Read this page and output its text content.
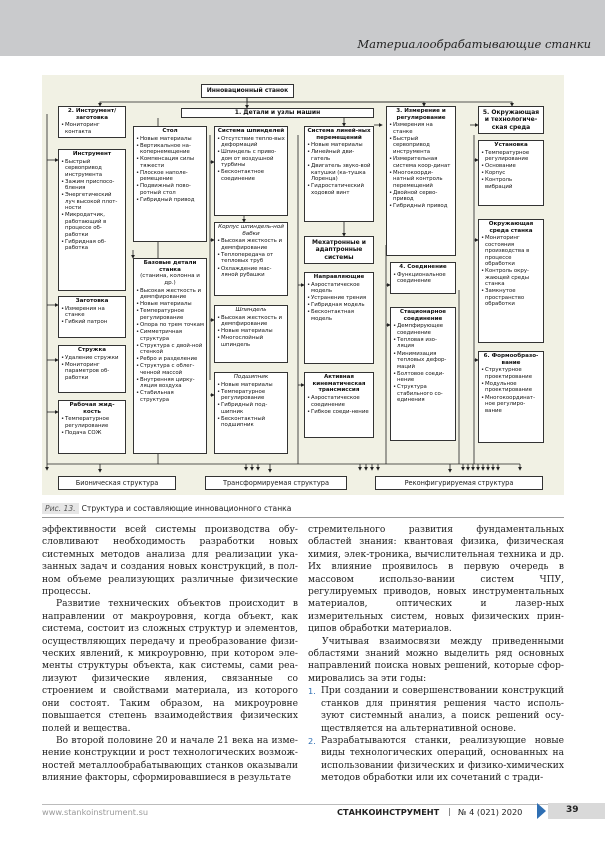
Материалообрабатывающие станки
Инновационный станок
2. Инструмент/ заготовка
• Мониторинг контакта
Инструмент
• Быстрый сервопривод инструмента
• Зажим приспосо-бления
• Энергетический луч высокой плот-ности
• Микродатчик, работающий в процессе об-работки
• Гибридная об-работка
Заготовка
• Измерения на станке
• Гибкий патрон
Стружка
• Удаление стружки
• Мониторинг параметров об-работки
Рабочая жид-кость
• Температурное регулирование
• Подача СОЖ
1. Детали и узлы машин
Стол
• Новые материалы
• Вертикальное на-копернемещение
• Компенсация силы тяжести
• Плоское наполе-ремещение
• Подвижный пово-ротный стол
• Гибридный привод
Базовые детали станка
(станина, колонна и др.)
• Высокая жесткость и демпфирование
• Новые материалы
• Температурное регулирование
• Опора по трем точкам
• Симметричная структура
• Структура с двой-ной стенкой
• Ребро и разделение
• Структура с облег-ченной массой
• Внутренняя цирку-ляция воздуха
• Стабильная структура
Система шпинделей
• Отсутствие тепло-вых деформаций
• Шпиндель с приво-дом от воздушной турбины
• Бесконтактное соединение
Корпус шпиндель-ной бабки
• Высокая жесткость и демпфирование
• Теплопередача от тепловых труб
• Охлаждение мас-ляной рубашки
Шпиндель
• Высокая жесткость и демпфирование
• Новые материалы
• Многослойный шпиндель
Подшипник
• Новые материалы
• Температурное регулирование
• Гибридный под-шипник
• Бесконтактный подшипник
Система линей-ных перемещений
• Новые материалы
• Линейный дви-гатель
• Двигатель звуко-вой катушки (ка-тушка Лоренца)
• Гидростатический ходовой винт
Мехатронные и адаптронные системы
Направляющие
• Аэростатическое модель
• Устранение трения
• Гибридная модель
• Бесконтактная модель
Активная кинематическая трансмиссия
• Аэростатическое соединение
• Гибкое соеди-нение
3. Измерение и регулирование
• Измерения на станке
• Быстрый сервопривод инструмента
• Измерительная система коор-динат
• Многокоорди-натный контроль перемещений
• Двойной серво-привод
• Гибридный привод
4. Соединение
• Функциональное соединение
Стационарное соединение
• Демпфирующее соединение
• Тепловая изо-ляция
• Минимизация тепловых дефор-маций
• Болтовое соеди-нение
• Структура стабильного со-единения
5. Окружающая и технологиче-ская среда
Установка
• Температурное регулирование
• Основание
• Корпус
• Контроль вибраций
Окружающая среда станка
• Мониторинг состояния производства в процессе обработки
• Контроль окру-жающей среды станка
• Замкнутое пространство обработки
6. Формообразо-вание
• Структурное проектирование
• Модульное проектирование
• Многокоординат-ное регулиро-вание
Бионическая структура	Трансформируемая структура	Реконфигурируемая структура
Рис. 13. Структура и составляющие инновационного станка

эффективности всей системы производства обу-словливают необходимость разработки новых системных методов анализа для реализации ука-занных задач и создания новых конструкций, в пол-ном объеме реализующих различные физические процессы.

Развитие технических объектов происходит в направлении от макроуровня, когда объект, как система, состоит из сложных структур и элементов, осуществляющих передачу и преобразование физи-ческих явлений, к микроуровню, при котором эле-менты структуры объекта, как системы, сами реа-лизуют физические явления, связанные со строением и свойствами материала, из которого они состоят. Таким образом, на микроуровне повышается степень взаимодействия физических полей и вещества.

Во второй половине 20 и начале 21 века на изме-нение конструкции и рост технологических возмож-ностей металлообрабатывающих станков оказывали влияние факторы, сформировавшиеся в результате

стремительного развития фундаментальных областей знания: квантовая физика, физическая химия, элек-троника, вычислительная техника и др. Их влияние проявилось в первую очередь в массовом использо-вании систем ЧПУ, регулируемых приводов, новых инструментальных материалов, оптических и лазер-ных измерительных систем, новых физических прин-ципов обработки материалов.

Учитывая взаимосвязи между приведенными областями знаний можно выделить ряд основных направлений поиска новых решений, которые сфор-мировались за эти годы:

1. При создании и совершенствовании конструкций станков для принятия решения часто исполь-зуют системный анализ, а поиск решений осу-ществляется на альтернативной основе.
2. Разрабатываются станки, реализующие новые виды технологических операций, основанных на использовании физических и физико-химических методов обработки или их сочетаний с тради-
www.stankoinstrument.su	СТАНКОИНСТРУМЕНТ | № 4 (021) 2020	39
